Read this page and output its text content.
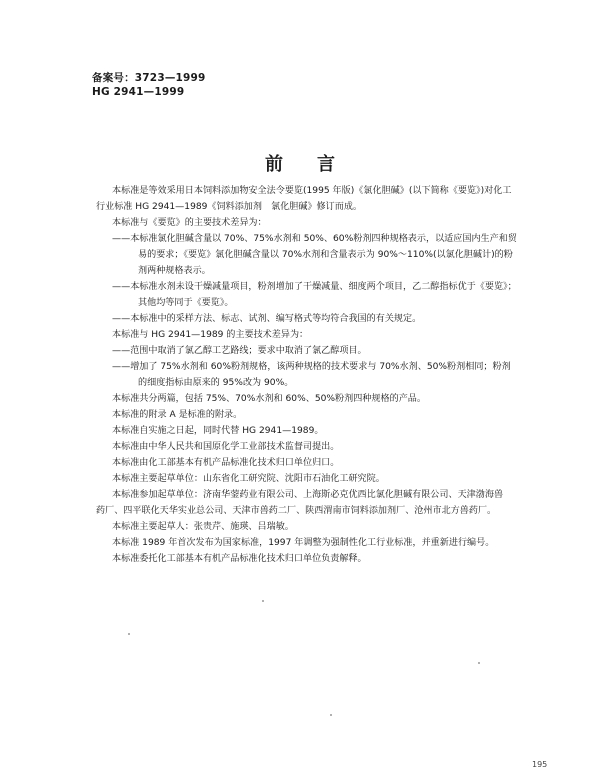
备案号：3723—1999
HG 2941—1999
前言
本标准是等效采用日本饲料添加物安全法令要览(1995 年版)《氯化胆碱》(以下简称《要览》)对化工
行业标准 HG 2941—1989《饲料添加剂　氯化胆碱》修订而成。
本标准与《要览》的主要技术差异为：
——本标准氯化胆碱含量以 70%、75%水剂和 50%、60%粉剂四种规格表示，以适应国内生产和贸
易的要求；《要览》氯化胆碱含量以 70%水剂和含量表示为 90%～110%(以氯化胆碱计)的粉
剂两种规格表示。
——本标准水剂未设干燥减量项目，粉剂增加了干燥减量、细度两个项目，乙二醇指标优于《要览》；
其他均等同于《要览》。
——本标准中的采样方法、标志、试剂、编写格式等均符合我国的有关规定。
本标准与 HG 2941—1989 的主要技术差异为：
——范围中取消了氯乙醇工艺路线；要求中取消了氯乙醇项目。
——增加了 75%水剂和 60%粉剂规格，该两种规格的技术要求与 70%水剂、50%粉剂相同；粉剂
的细度指标由原来的 95%改为 90%。
本标准共分两篇，包括 75%、70%水剂和 60%、50%粉剂四种规格的产品。
本标准的附录 A 是标准的附录。
本标准自实施之日起，同时代替 HG 2941—1989。
本标准由中华人民共和国原化学工业部技术监督司提出。
本标准由化工部基本有机产品标准化技术归口单位归口。
本标准主要起草单位：山东省化工研究院、沈阳市石油化工研究院。
本标准参加起草单位：济南华蓥药业有限公司、上海斯必克优西比氯化胆碱有限公司、天津渤海兽
药厂、四平联化天华实业总公司、天津市兽药二厂、陕西渭南市饲料添加剂厂、沧州市北方兽药厂。
本标准主要起草人：张贵芹、施瑛、吕瑞敏。
本标准 1989 年首次发布为国家标准，1997 年调整为强制性化工行业标准，并重新进行编号。
本标准委托化工部基本有机产品标准化技术归口单位负责解释。
195
